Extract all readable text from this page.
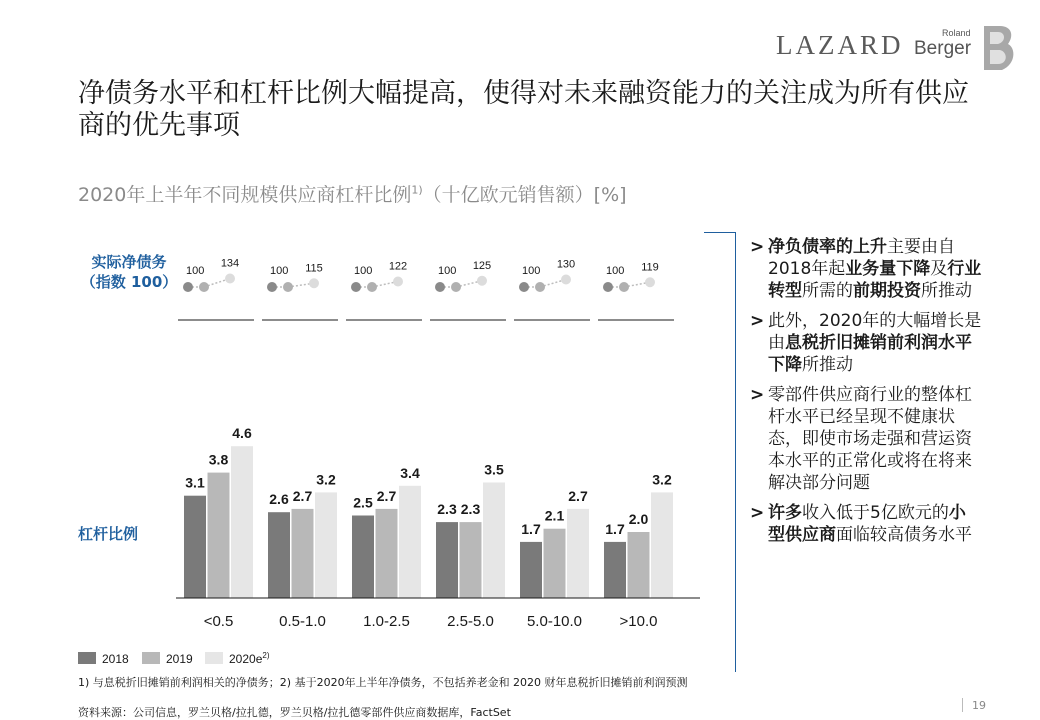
LAZARD	Roland
Berger
净债务水平和杠杆比例大幅提高，使得对未来融资能力的关注成为所有供应商的优先事项
2020年上半年不同规模供应商杠杆比例$^{1)}$（十亿欧元销售额）[%]
实际净债务
（指数 100）
杠杆比例
3.1
3.8
4.6
<0.5
100
134
2.6 2.7
3.2
0.5-1.0
100 115
2.5 2.7
3.4
1.0-2.5
100 122
2.3 2.3
3.5
2.5-5.0
100 125
1.7
2.1
2.7
5.0-10.0
100
130
1.7
2.0
3.2
>10.0
100 119
2018	2019	$2020e^{2)}$
> 净负债率的上升主要由自2018年起业务量下降及行业转型所需的前期投资所推动
> 此外，2020年的大幅增长是由息税折旧摊销前利润水平下降所推动
> 零部件供应商行业的整体杠杆水平已经呈现不健康状态，即使市场走强和营运资本水平的正常化或将在将来解决部分问题
> 许多收入低于5亿欧元的小型供应商面临较高债务水平
1) 与息税折旧摊销前利润相关的净债务；2) 基于2020年上半年净债务，不包括养老金和 2020 财年息税折旧摊销前利润预测
资料来源：公司信息，罗兰贝格/拉扎德，罗兰贝格/拉扎德零部件供应商数据库，FactSet
19
